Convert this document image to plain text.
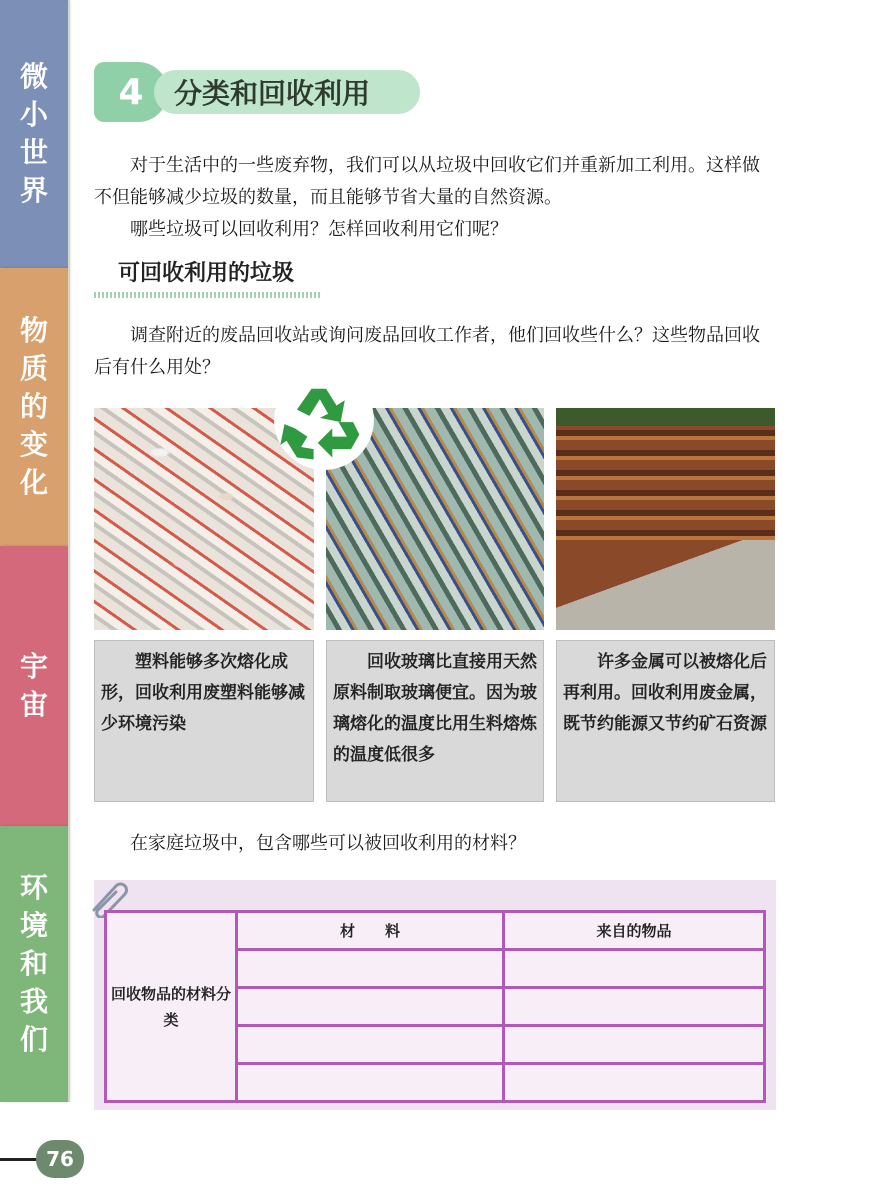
微
小
世
界
物
质
的
变
化
宇
宙
环
境
和
我
们
4	分类和回收利用

对于生活中的一些废弃物，我们可以从垃圾中回收它们并重新加工利用。这样做不但能够减少垃圾的数量，而且能够节省大量的自然资源。

哪些垃圾可以回收利用？怎样回收利用它们呢？

可回收利用的垃圾

调查附近的废品回收站或询问废品回收工作者，他们回收些什么？这些物品回收后有什么用处？

塑料能够多次熔化成形，回收利用废塑料能够减少环境污染

回收玻璃比直接用天然原料制取玻璃便宜。因为玻璃熔化的温度比用生料熔炼的温度低很多

许多金属可以被熔化后再利用。回收利用废金属，既节约能源又节约矿石资源

在家庭垃圾中，包含哪些可以被回收利用的材料？

回收物品的材料分类	材　　料	来自的物品

76
